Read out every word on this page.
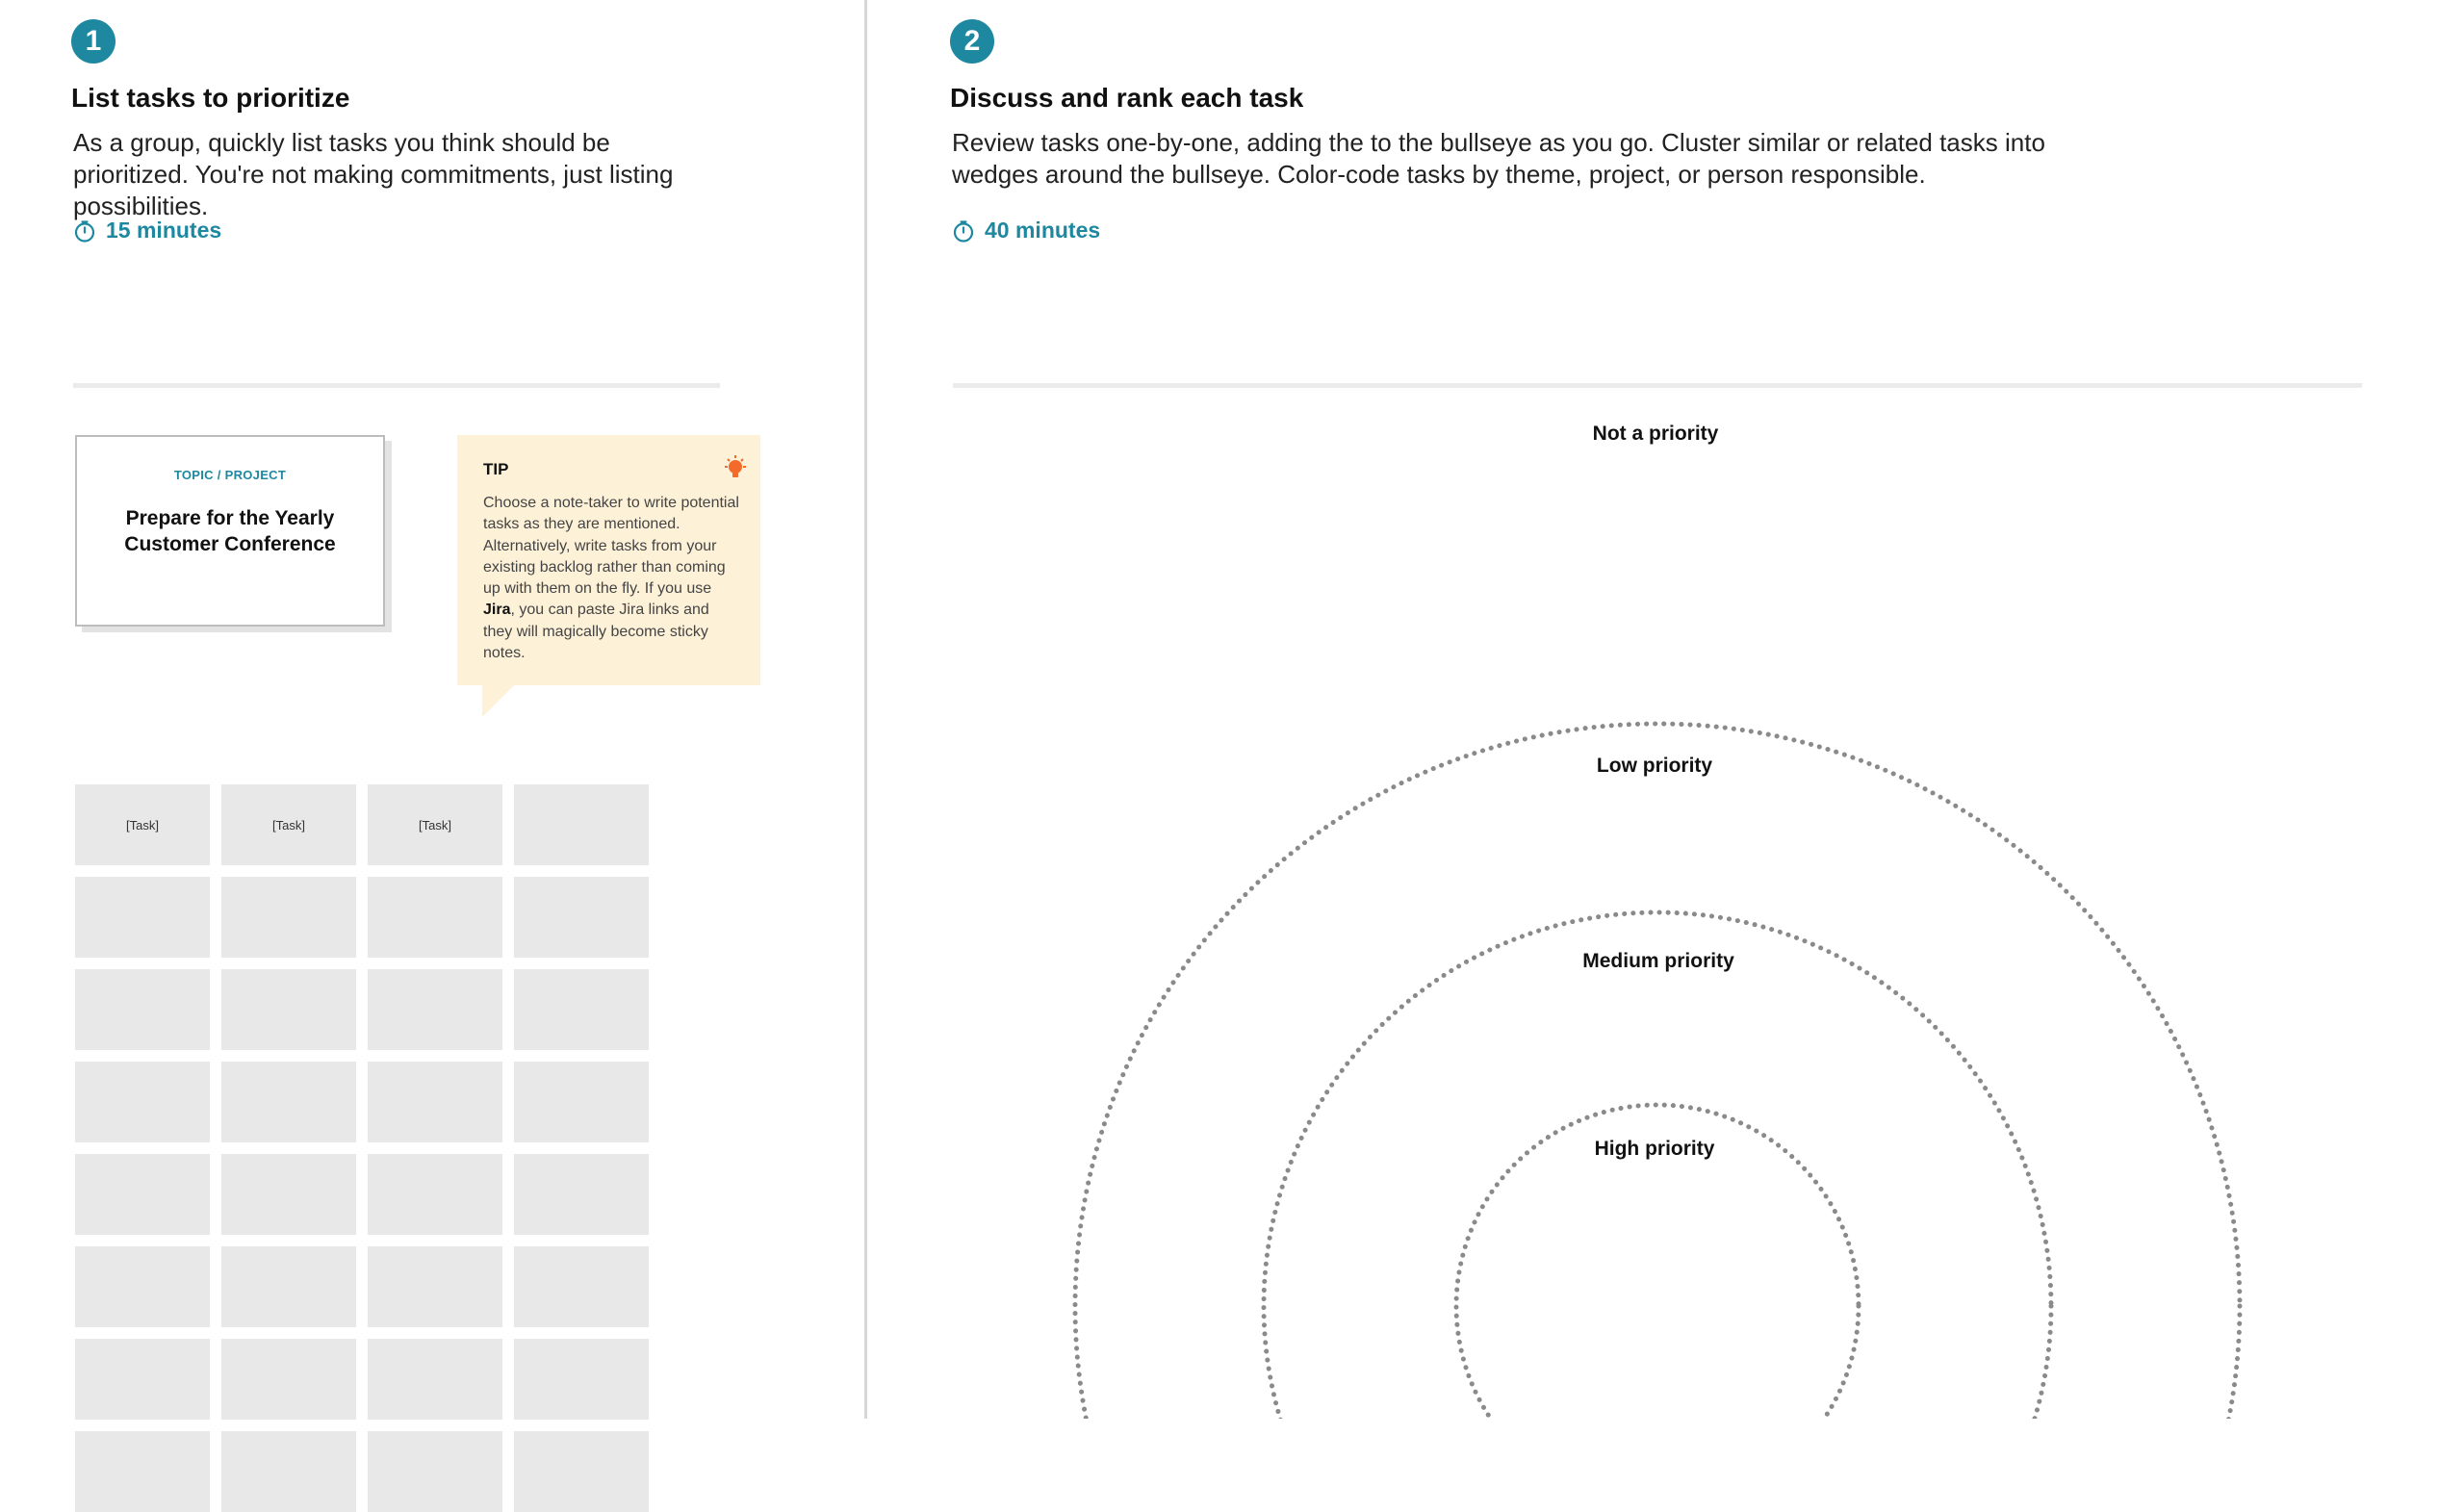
1
List tasks to prioritize
As a group, quickly list tasks you think should be prioritized. You're not making commitments, just listing possibilities.
15 minutes
TOPIC / PROJECT
Prepare for the Yearly Customer Conference
TIP
Choose a note-taker to write potential tasks as they are mentioned. Alternatively, write tasks from your existing backlog rather than coming up with them on the fly. If you use Jira, you can paste Jira links and they will magically become sticky notes.
[Task]	[Task]	[Task]
2
Discuss and rank each task
Review tasks one-by-one, adding the to the bullseye as you go. Cluster similar or related tasks into wedges around the bullseye. Color-code tasks by theme, project, or person responsible.
40 minutes
Not a priority
Low priority
Medium priority
High priority
